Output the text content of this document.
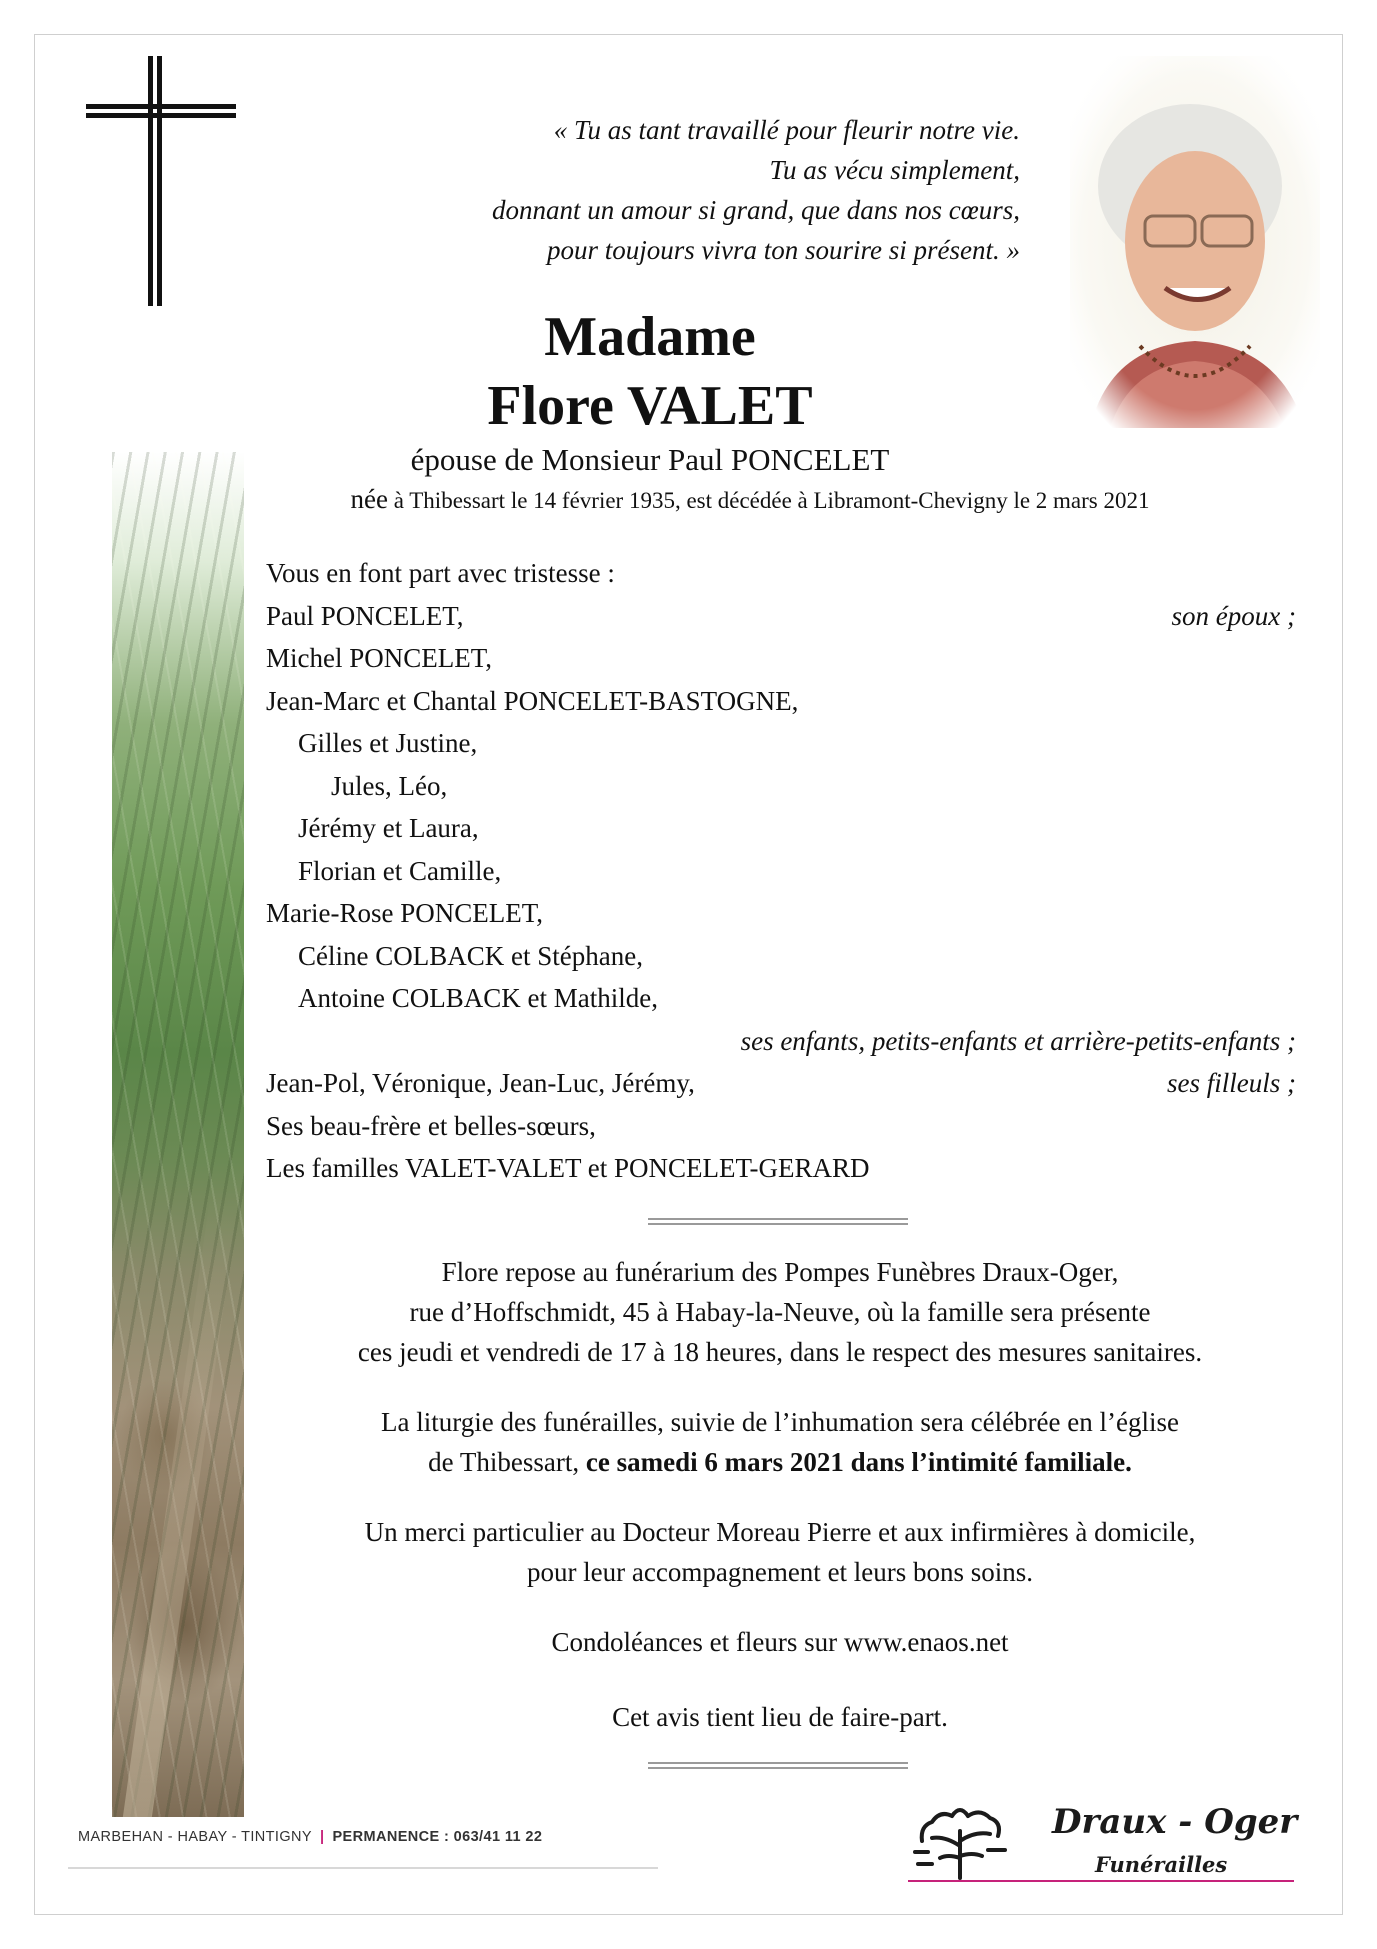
« Tu as tant travaillé pour fleurir notre vie.
Tu as vécu simplement,
donnant un amour si grand, que dans nos cœurs,
pour toujours vivra ton sourire si présent. »
Madame
Flore VALET
épouse de Monsieur Paul PONCELET
née à Thibessart le 14 février 1935, est décédée à Libramont-Chevigny le 2 mars 2021
Vous en font part avec tristesse :
Paul PONCELET,	son époux ;
Michel PONCELET,
Jean-Marc et Chantal PONCELET-BASTOGNE,
Gilles et Justine,
Jules, Léo,
Jérémy et Laura,
Florian et Camille,
Marie-Rose PONCELET,
Céline COLBACK et Stéphane,
Antoine COLBACK et Mathilde,
ses enfants, petits-enfants et arrière-petits-enfants ;
Jean-Pol, Véronique, Jean-Luc, Jérémy,	ses filleuls ;
Ses beau-frère et belles-sœurs,
Les familles VALET-VALET et PONCELET-GERARD
Flore repose au funérarium des Pompes Funèbres Draux-Oger,
rue d’Hoffschmidt, 45 à Habay-la-Neuve, où la famille sera présente
ces jeudi et vendredi de 17 à 18 heures, dans le respect des mesures sanitaires.
La liturgie des funérailles, suivie de l’inhumation sera célébrée en l’église
de Thibessart, ce samedi 6 mars 2021 dans l’intimité familiale.
Un merci particulier au Docteur Moreau Pierre et aux infirmières à domicile,
pour leur accompagnement et leurs bons soins.
Condoléances et fleurs sur www.enaos.net
Cet avis tient lieu de faire-part.
MARBEHAN - HABAY - TINTIGNY | PERMANENCE : 063/41 11 22	Draux - Oger
Funérailles
